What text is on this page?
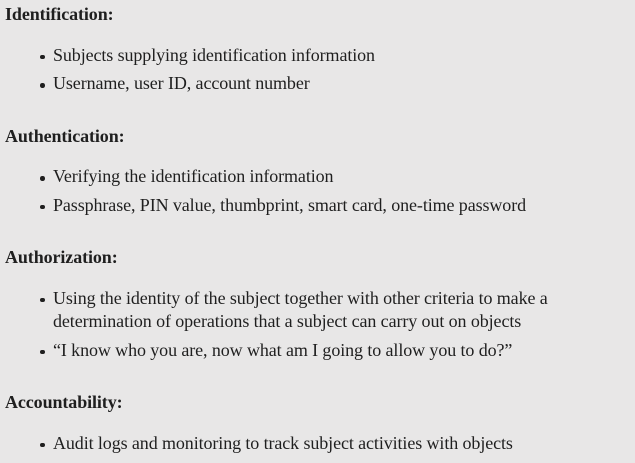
Identification:
Subjects supplying identification information
Username, user ID, account number
Authentication:
Verifying the identification information
Passphrase, PIN value, thumbprint, smart card, one-time password
Authorization:
Using the identity of the subject together with other criteria to make a determination of operations that a subject can carry out on objects
“I know who you are, now what am I going to allow you to do?”
Accountability:
Audit logs and monitoring to track subject activities with objects
